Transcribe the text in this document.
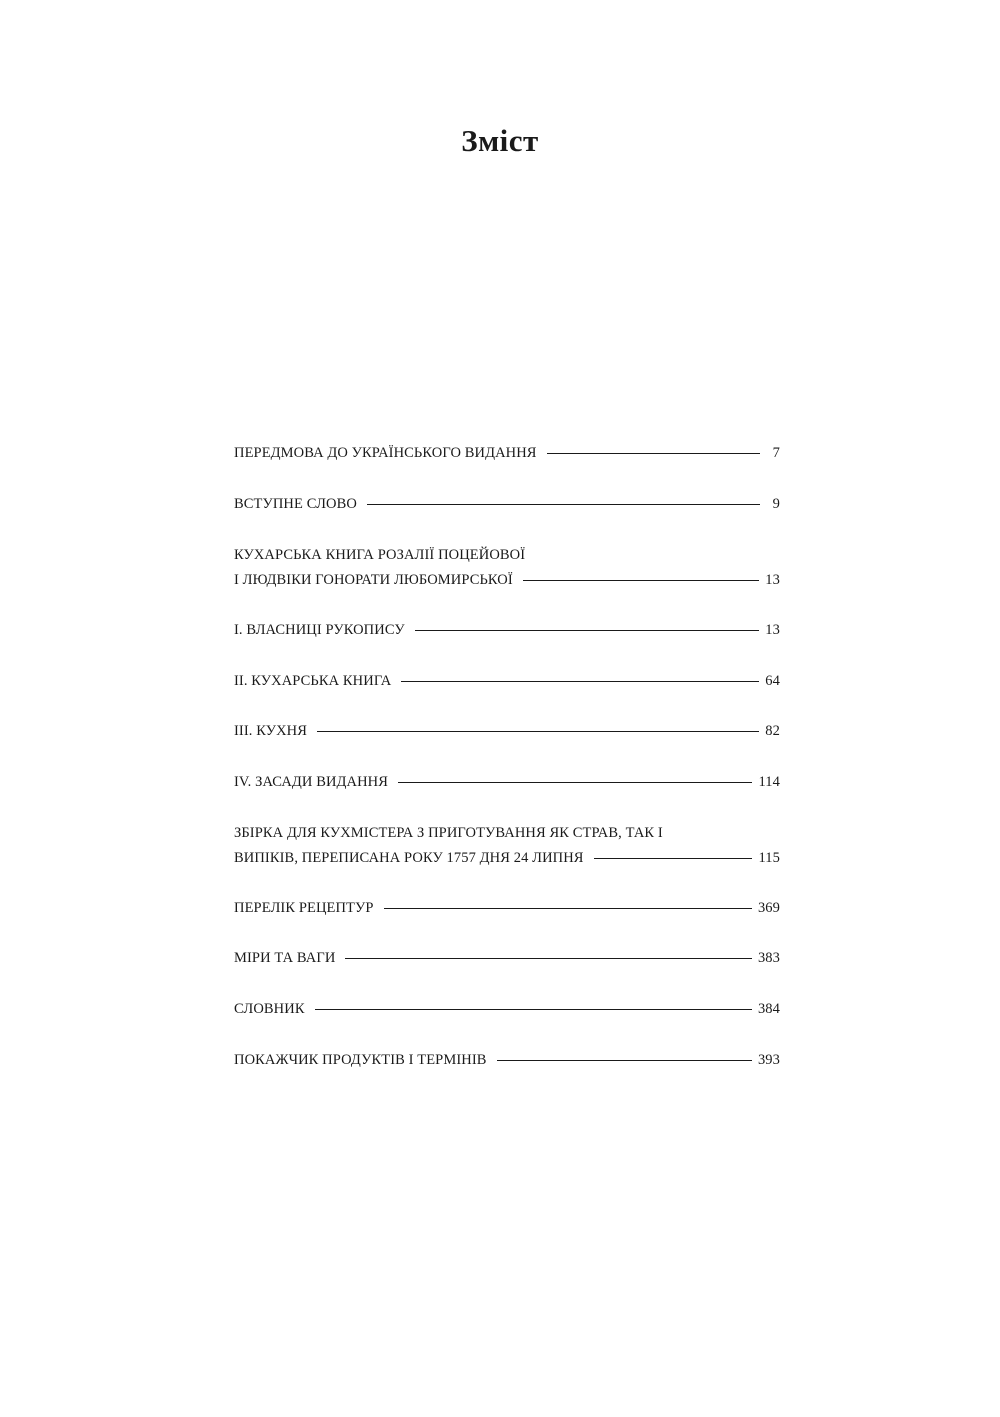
Зміст
ПЕРЕДМОВА ДО УКРАЇНСЬКОГО ВИДАННЯ	7
ВСТУПНЕ СЛОВО	9
КУХАРСЬКА КНИГА РОЗАЛІЇ ПОЦЕЙОВОЇ
І ЛЮДВІКИ ГОНОРАТИ ЛЮБОМИРСЬКОЇ	13
I. ВЛАСНИЦІ РУКОПИСУ	13
II. КУХАРСЬКА КНИГА	64
III. КУХНЯ	82
IV. ЗАСАДИ ВИДАННЯ	114
ЗБІРКА ДЛЯ КУХМІСТЕРА З ПРИГОТУВАННЯ ЯК СТРАВ, ТАК І
ВИПІКІВ, ПЕРЕПИСАНА РОКУ 1757 ДНЯ 24 ЛИПНЯ	115
ПЕРЕЛІК РЕЦЕПТУР	369
МІРИ ТА ВАГИ	383
СЛОВНИК	384
ПОКАЖЧИК ПРОДУКТІВ І ТЕРМІНІВ	393
